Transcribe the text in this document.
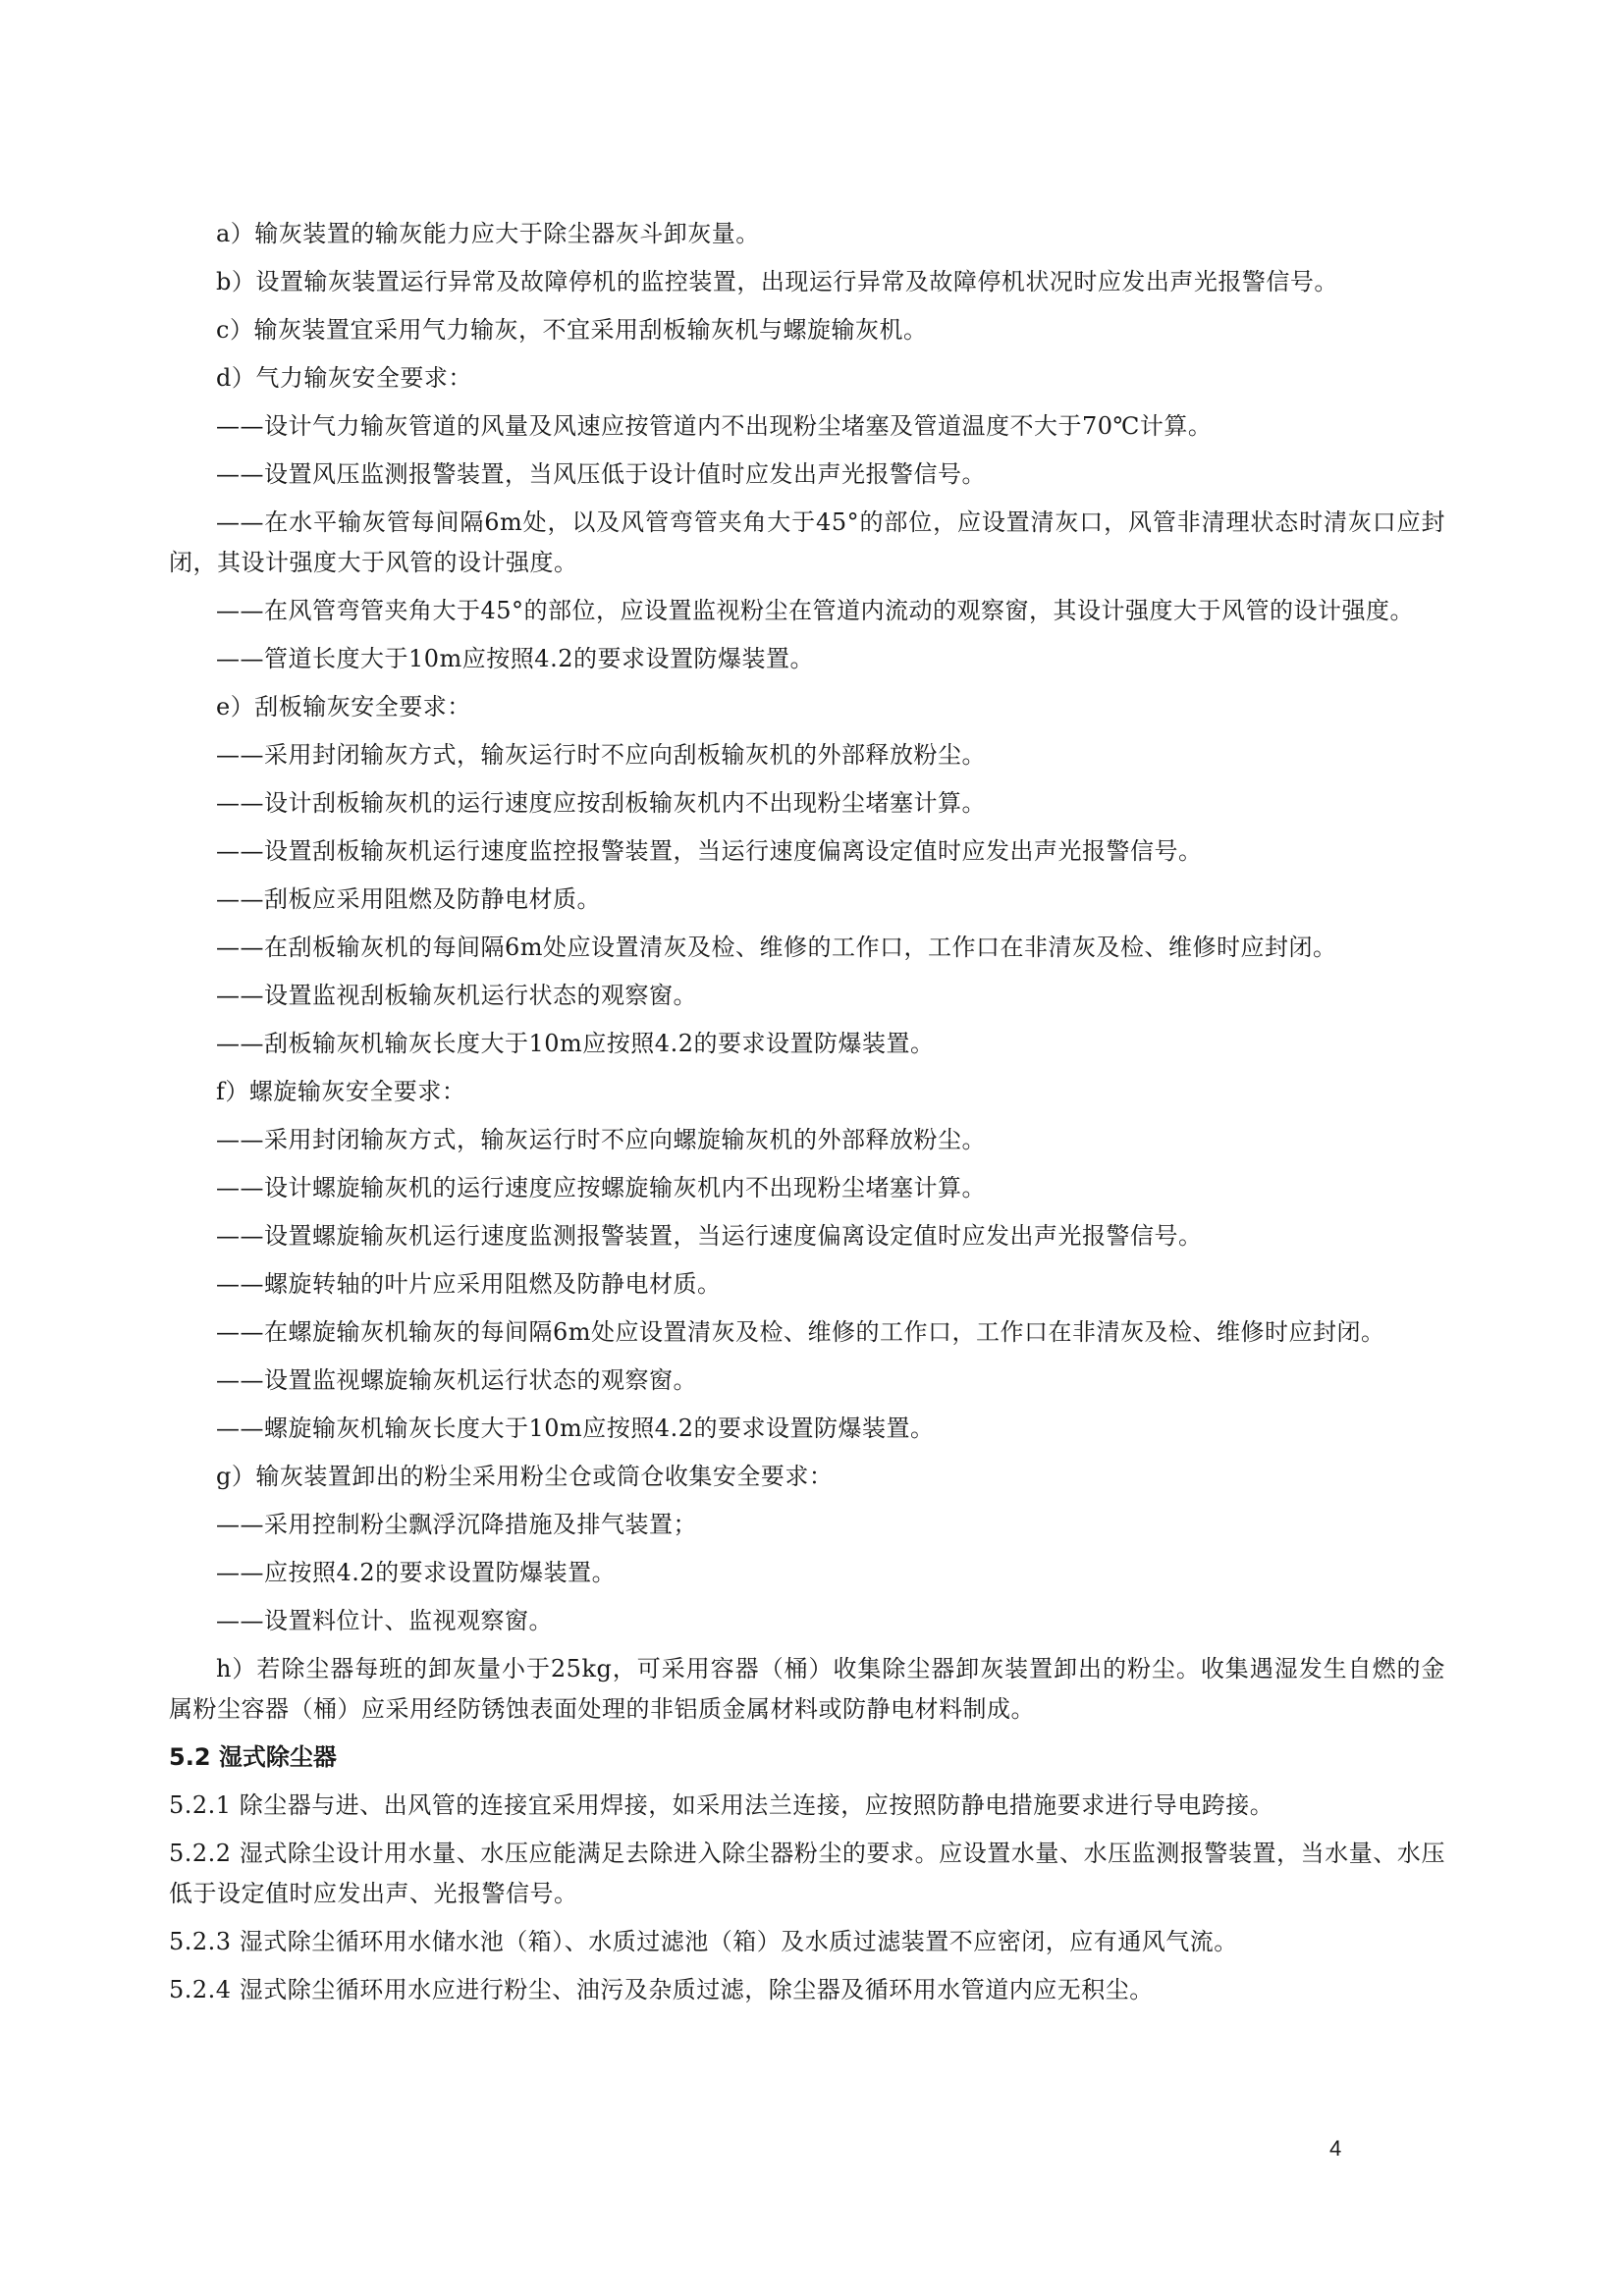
a）输灰装置的输灰能力应大于除尘器灰斗卸灰量。

b）设置输灰装置运行异常及故障停机的监控装置，出现运行异常及故障停机状况时应发出声光报警信号。

c）输灰装置宜采用气力输灰，不宜采用刮板输灰机与螺旋输灰机。

d）气力输灰安全要求：

——设计气力输灰管道的风量及风速应按管道内不出现粉尘堵塞及管道温度不大于70℃计算。

——设置风压监测报警装置，当风压低于设计值时应发出声光报警信号。

——在水平输灰管每间隔6m处，以及风管弯管夹角大于45°的部位，应设置清灰口，风管非清理状态时清灰口应封闭，其设计强度大于风管的设计强度。

——在风管弯管夹角大于45°的部位，应设置监视粉尘在管道内流动的观察窗，其设计强度大于风管的设计强度。

——管道长度大于10m应按照4.2的要求设置防爆装置。

e）刮板输灰安全要求：

——采用封闭输灰方式，输灰运行时不应向刮板输灰机的外部释放粉尘。

——设计刮板输灰机的运行速度应按刮板输灰机内不出现粉尘堵塞计算。

——设置刮板输灰机运行速度监控报警装置，当运行速度偏离设定值时应发出声光报警信号。

——刮板应采用阻燃及防静电材质。

——在刮板输灰机的每间隔6m处应设置清灰及检、维修的工作口，工作口在非清灰及检、维修时应封闭。

——设置监视刮板输灰机运行状态的观察窗。

——刮板输灰机输灰长度大于10m应按照4.2的要求设置防爆装置。

f）螺旋输灰安全要求：

——采用封闭输灰方式，输灰运行时不应向螺旋输灰机的外部释放粉尘。

——设计螺旋输灰机的运行速度应按螺旋输灰机内不出现粉尘堵塞计算。

——设置螺旋输灰机运行速度监测报警装置，当运行速度偏离设定值时应发出声光报警信号。

——螺旋转轴的叶片应采用阻燃及防静电材质。

——在螺旋输灰机输灰的每间隔6m处应设置清灰及检、维修的工作口，工作口在非清灰及检、维修时应封闭。

——设置监视螺旋输灰机运行状态的观察窗。

——螺旋输灰机输灰长度大于10m应按照4.2的要求设置防爆装置。

g）输灰装置卸出的粉尘采用粉尘仓或筒仓收集安全要求：

——采用控制粉尘飘浮沉降措施及排气装置；

——应按照4.2的要求设置防爆装置。

——设置料位计、监视观察窗。

h）若除尘器每班的卸灰量小于25kg，可采用容器（桶）收集除尘器卸灰装置卸出的粉尘。收集遇湿发生自燃的金属粉尘容器（桶）应采用经防锈蚀表面处理的非铝质金属材料或防静电材料制成。

5.2 湿式除尘器

5.2.1 除尘器与进、出风管的连接宜采用焊接，如采用法兰连接，应按照防静电措施要求进行导电跨接。

5.2.2 湿式除尘设计用水量、水压应能满足去除进入除尘器粉尘的要求。应设置水量、水压监测报警装置，当水量、水压低于设定值时应发出声、光报警信号。

5.2.3 湿式除尘循环用水储水池（箱）、水质过滤池（箱）及水质过滤装置不应密闭，应有通风气流。

5.2.4 湿式除尘循环用水应进行粉尘、油污及杂质过滤，除尘器及循环用水管道内应无积尘。

4
